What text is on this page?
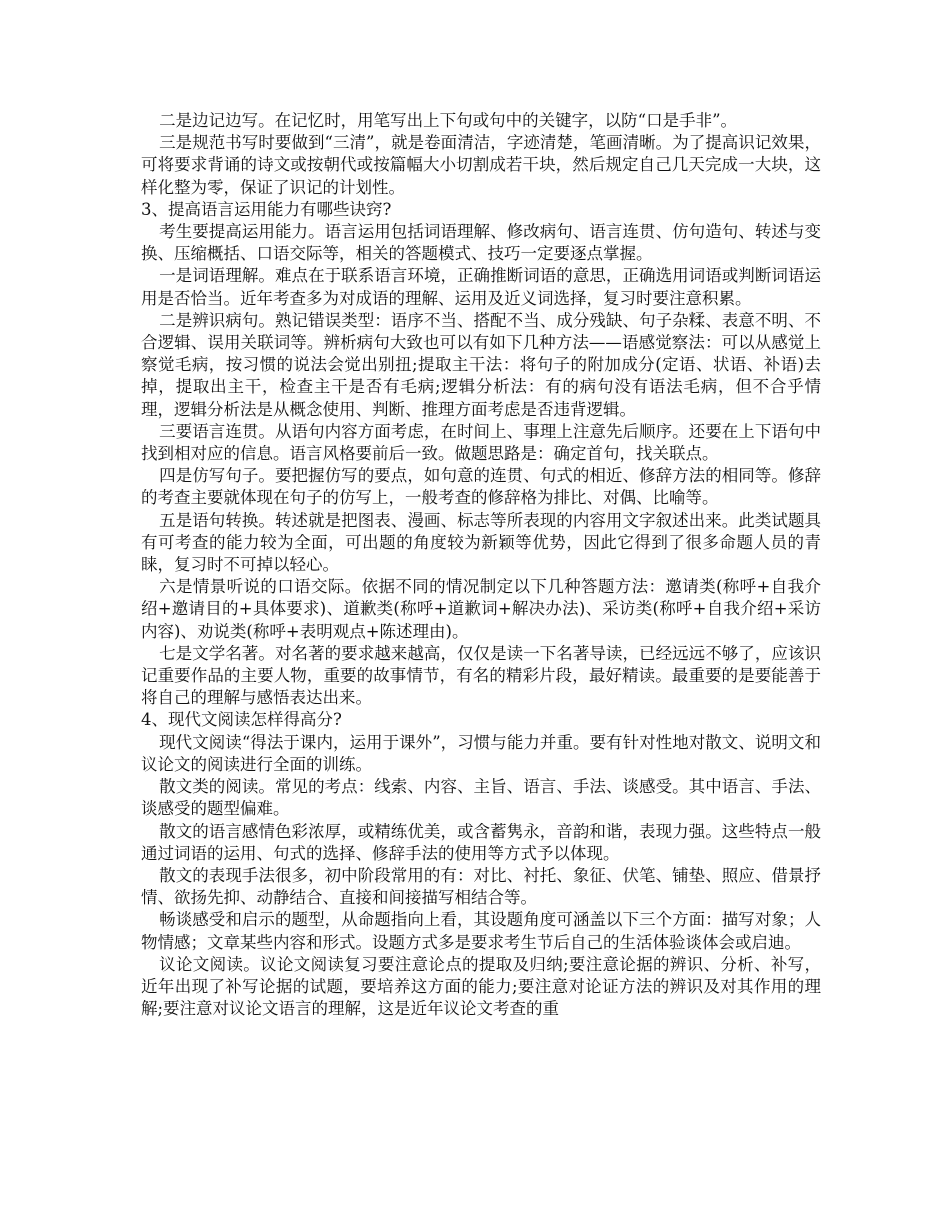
二是边记边写。在记忆时，用笔写出上下句或句中的关键字，以防“口是手非”。

三是规范书写时要做到“三清”，就是卷面清洁，字迹清楚，笔画清晰。为了提高识记效果，可将要求背诵的诗文或按朝代或按篇幅大小切割成若干块，然后规定自己几天完成一大块，这样化整为零，保证了识记的计划性。

3、提高语言运用能力有哪些诀窍?

考生要提高运用能力。语言运用包括词语理解、修改病句、语言连贯、仿句造句、转述与变换、压缩概括、口语交际等，相关的答题模式、技巧一定要逐点掌握。

一是词语理解。难点在于联系语言环境，正确推断词语的意思，正确选用词语或判断词语运用是否恰当。近年考查多为对成语的理解、运用及近义词选择，复习时要注意积累。

二是辨识病句。熟记错误类型：语序不当、搭配不当、成分残缺、句子杂糅、表意不明、不合逻辑、误用关联词等。辨析病句大致也可以有如下几种方法——语感觉察法：可以从感觉上察觉毛病，按习惯的说法会觉出别扭;提取主干法：将句子的附加成分(定语、状语、补语)去掉，提取出主干，检查主干是否有毛病;逻辑分析法：有的病句没有语法毛病，但不合乎情理，逻辑分析法是从概念使用、判断、推理方面考虑是否违背逻辑。

三要语言连贯。从语句内容方面考虑，在时间上、事理上注意先后顺序。还要在上下语句中找到相对应的信息。语言风格要前后一致。做题思路是：确定首句，找关联点。

四是仿写句子。要把握仿写的要点，如句意的连贯、句式的相近、修辞方法的相同等。修辞的考查主要就体现在句子的仿写上，一般考查的修辞格为排比、对偶、比喻等。

五是语句转换。转述就是把图表、漫画、标志等所表现的内容用文字叙述出来。此类试题具有可考查的能力较为全面，可出题的角度较为新颖等优势，因此它得到了很多命题人员的青睐，复习时不可掉以轻心。

六是情景听说的口语交际。依据不同的情况制定以下几种答题方法：邀请类(称呼+自我介绍+邀请目的+具体要求)、道歉类(称呼+道歉词+解决办法)、采访类(称呼+自我介绍+采访内容)、劝说类(称呼+表明观点+陈述理由)。

七是文学名著。对名著的要求越来越高，仅仅是读一下名著导读，已经远远不够了，应该识记重要作品的主要人物，重要的故事情节，有名的精彩片段，最好精读。最重要的是要能善于将自己的理解与感悟表达出来。

4、现代文阅读怎样得高分?

现代文阅读“得法于课内，运用于课外”，习惯与能力并重。要有针对性地对散文、说明文和议论文的阅读进行全面的训练。

散文类的阅读。常见的考点：线索、内容、主旨、语言、手法、谈感受。其中语言、手法、谈感受的题型偏难。

散文的语言感情色彩浓厚，或精练优美，或含蓄隽永，音韵和谐，表现力强。这些特点一般通过词语的运用、句式的选择、修辞手法的使用等方式予以体现。

散文的表现手法很多，初中阶段常用的有：对比、衬托、象征、伏笔、铺垫、照应、借景抒情、欲扬先抑、动静结合、直接和间接描写相结合等。

畅谈感受和启示的题型，从命题指向上看，其设题角度可涵盖以下三个方面：描写对象；人物情感；文章某些内容和形式。设题方式多是要求考生节后自己的生活体验谈体会或启迪。

议论文阅读。议论文阅读复习要注意论点的提取及归纳;要注意论据的辨识、分析、补写，近年出现了补写论据的试题，要培养这方面的能力;要注意对论证方法的辨识及对其作用的理解;要注意对议论文语言的理解，这是近年议论文考查的重
